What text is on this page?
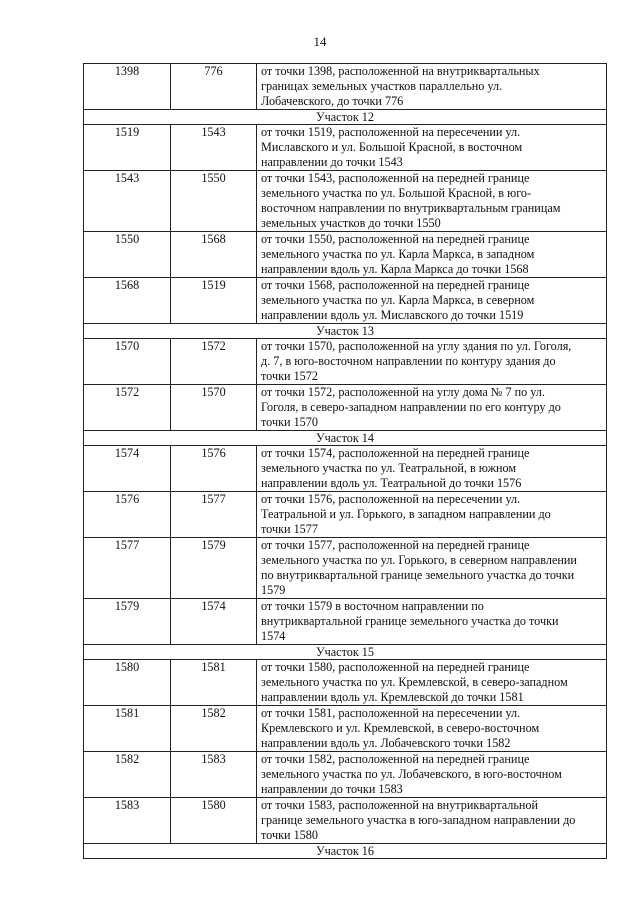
14
1398	776	от точки 1398, расположенной на внутриквартальных
границах земельных участков параллельно ул.
Лобачевского, до точки 776

Участок 12		
1519	1543	от точки 1519, расположенной на пересечении ул.
Миславского и ул. Большой Красной, в восточном
направлении до точки 1543

1543	1550	от точки 1543, расположенной на передней границе
земельного участка по ул. Большой Красной, в юго-
восточном направлении по внутриквартальным границам
земельных участков до точки 1550

1550	1568	от точки 1550, расположенной на передней границе
земельного участка по ул. Карла Маркса, в западном
направлении вдоль ул. Карла Маркса до точки 1568

1568	1519	от точки 1568, расположенной на передней границе
земельного участка по ул. Карла Маркса, в северном
направлении вдоль ул. Миславского до точки 1519

Участок 13		
1570	1572	от точки 1570, расположенной на углу здания по ул. Гоголя,
д. 7, в юго-восточном направлении по контуру здания до
точки 1572

1572	1570	от точки 1572, расположенной на углу дома № 7 по ул.
Гоголя, в северо-западном направлении по его контуру до
точки 1570

Участок 14		
1574	1576	от точки 1574, расположенной на передней границе
земельного участка по ул. Театральной, в южном
направлении вдоль ул. Театральной до точки 1576

1576	1577	от точки 1576, расположенной на пересечении ул.
Театральной и ул. Горького, в западном направлении до
точки 1577

1577	1579	от точки 1577, расположенной на передней границе
земельного участка по ул. Горького, в северном направлении
по внутриквартальной границе земельного участка до точки
1579

1579	1574	от точки 1579 в восточном направлении по
внутриквартальной границе земельного участка до точки
1574

Участок 15		
1580	1581	от точки 1580, расположенной на передней границе
земельного участка по ул. Кремлевской, в северо-западном
направлении вдоль ул. Кремлевской до точки 1581

1581	1582	от точки 1581, расположенной на пересечении ул.
Кремлевского и ул. Кремлевской, в северо-восточном
направлении вдоль ул. Лобачевского точки 1582

1582	1583	от точки 1582, расположенной на передней границе
земельного участка по ул. Лобачевского, в юго-восточном
направлении до точки 1583

1583	1580	от точки 1583, расположенной на внутриквартальной
границе земельного участка в юго-западном направлении до
точки 1580

Участок 16		
